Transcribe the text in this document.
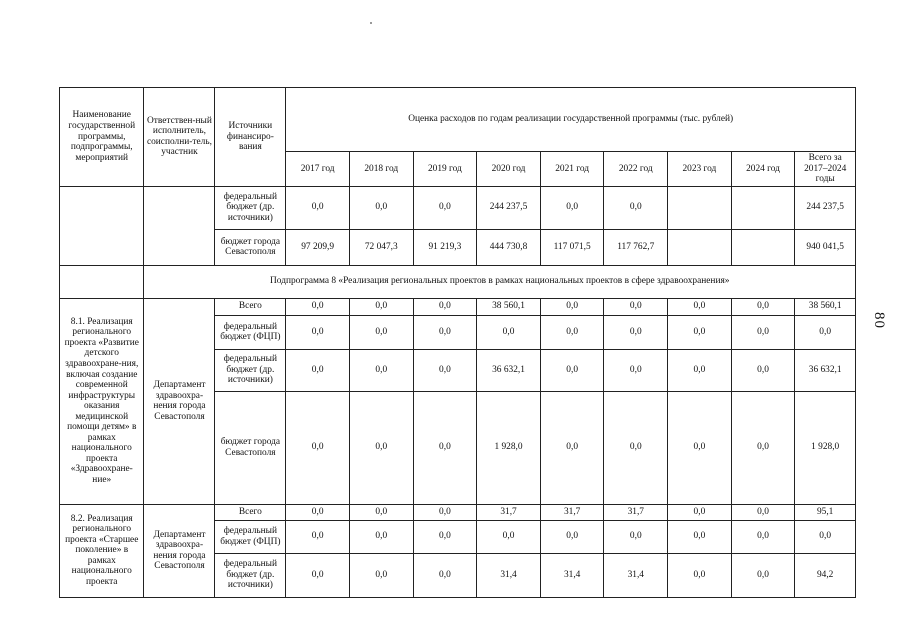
80
Наименование государственной программы, подпрограммы, мероприятий	Ответствен-ный исполнитель, соисполни-тель, участник	Источники финансиро-вания	Оценка расходов по годам реализации государственной программы (тыс. рублей)								
			2017 год	2018 год	2019 год	2020 год	2021 год	2022 год	2023 год	2024 год	Всего за 2017–2024 годы
		федеральный бюджет (др. источники)	0,0	0,0	0,0	244 237,5	0,0	0,0			244 237,5
		бюджет города Севастополя	97 209,9	72 047,3	91 219,3	444 730,8	117 071,5	117 762,7			940 041,5
	Подпрограмма 8 «Реализация региональных проектов в рамках национальных проектов в сфере здравоохранения»										
8.1. Реализация регионального проекта «Развитие детского здравоохране-ния, включая создание современной инфраструктуры оказания медицинской помощи детям» в рамках национального проекта «Здравоохране-ние»	Департамент здравоохра-нения города Севастополя	Всего	0,0	0,0	0,0	38 560,1	0,0	0,0	0,0	0,0	38 560,1
		федеральный бюджет (ФЦП)	0,0	0,0	0,0	0,0	0,0	0,0	0,0	0,0	0,0
		федеральный бюджет (др. источники)	0,0	0,0	0,0	36 632,1	0,0	0,0	0,0	0,0	36 632,1
		бюджет города Севастополя	0,0	0,0	0,0	1 928,0	0,0	0,0	0,0	0,0	1 928,0
8.2. Реализация регионального проекта «Старшее поколение» в рамках национального проекта	Департамент здравоохра-нения города Севастополя	Всего	0,0	0,0	0,0	31,7	31,7	31,7	0,0	0,0	95,1
		федеральный бюджет (ФЦП)	0,0	0,0	0,0	0,0	0,0	0,0	0,0	0,0	0,0
		федеральный бюджет (др. источники)	0,0	0,0	0,0	31,4	31,4	31,4	0,0	0,0	94,2
